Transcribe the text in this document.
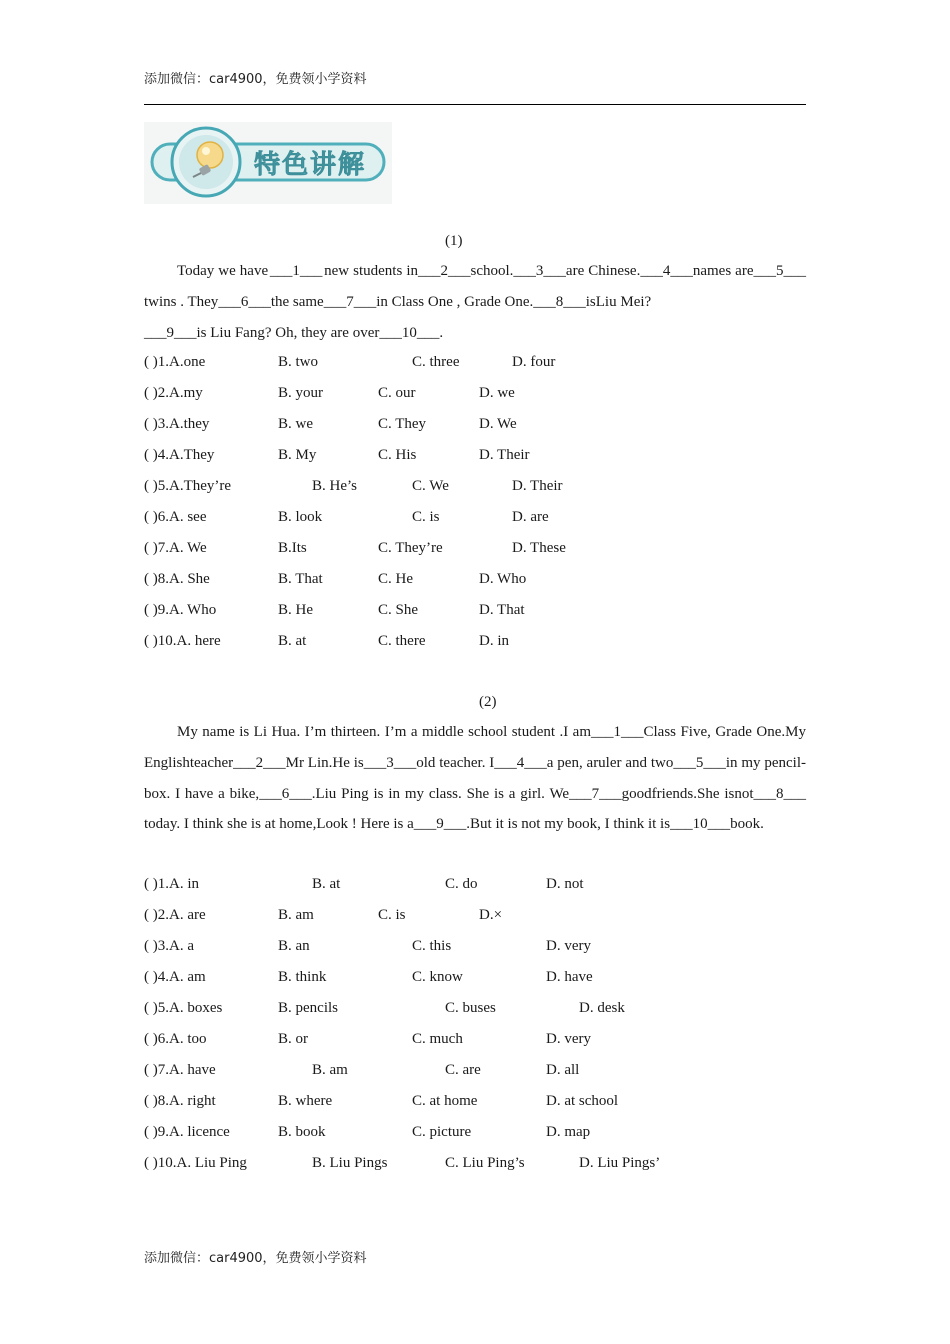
添加微信：car4900，免费领小学资料
特色讲解
(1)

Today we have ___1___ new students in___2___school.___3___are Chinese.___4___names are___5___twins . They___6___the same___7___in Class One , Grade One.___8___isLiu Mei?
___9___is Liu Fang? Oh, they are over___10___.

( )1.A.one	B. two	C. three	D. four
( )2.A.my	B. your	C. our	D. we
( )3.A.they	B. we	C. They	D. We
( )4.A.They	B. My	C. His	D. Their
( )5.A.They’re	B. He’s	C. We	D. Their
( )6.A. see	B. look	C. is	D. are
( )7.A. We	B.Its	C. They’re	D. These
( )8.A. She	B. That	C. He	D. Who
( )9.A. Who	B. He	C. She	D. That
( )10.A. here	B. at	C. there	D. in
(2)

My name is Li Hua. I’m thirteen. I’m a middle school student .I am___1___Class Five, Grade One.My Englishteacher___2___Mr Lin.He is___3___old teacher. I___4___a pen, aruler and two___5___in my pencil-box. I have a bike,___6___.Liu Ping is in my class. She is a girl. We___7___goodfriends.She isnot___8___today. I think she is at home,Look ! Here is a___9___.But it is not my book, I think it is___10___book.

( )1.A. in	B. at	C. do	D. not
( )2.A. are	B. am	C. is	D.×
( )3.A. a	B. an	C. this	D. very
( )4.A. am	B. think	C. know	D. have
( )5.A. boxes	B. pencils	C. buses	D. desk
( )6.A. too	B. or	C. much	D. very
( )7.A. have	B. am	C. are	D. all
( )8.A. right	B. where	C. at home	D. at school
( )9.A. licence	B. book	C. picture	D. map
( )10.A. Liu Ping	B. Liu Pings	C. Liu Ping’s	D. Liu Pings’
添加微信：car4900，免费领小学资料
